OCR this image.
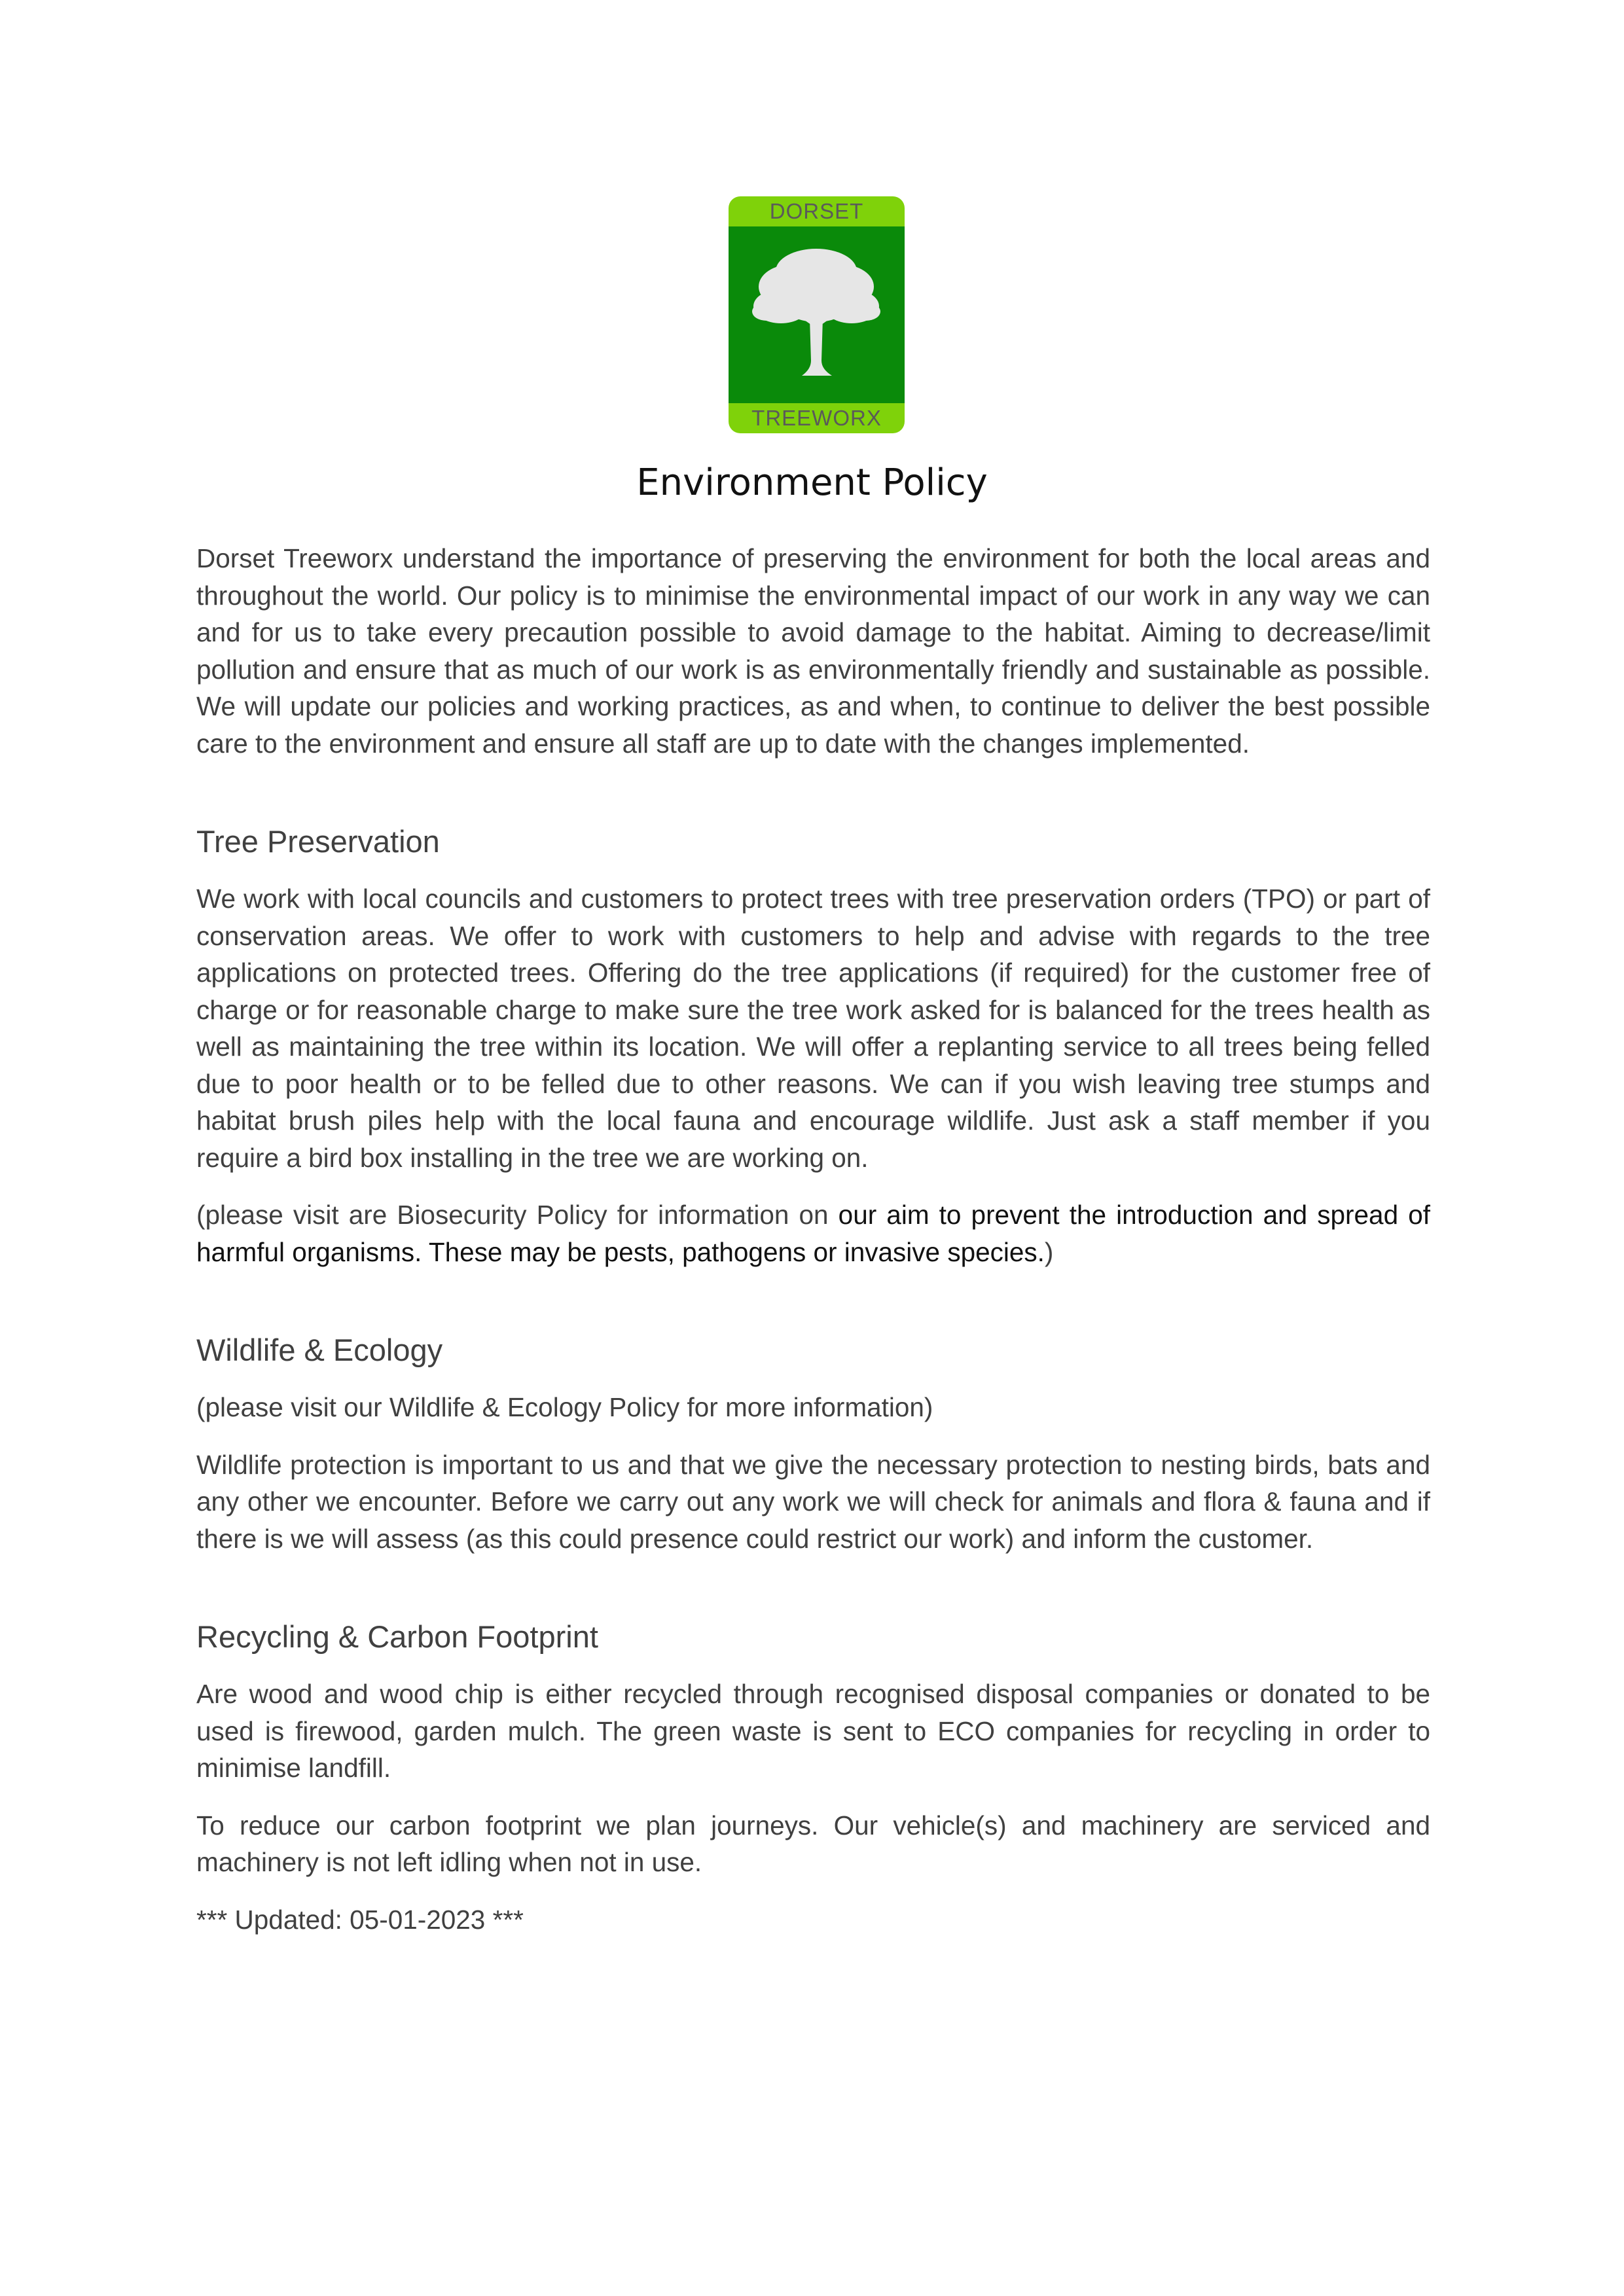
DORSET
TREEWORX
Environment Policy

Dorset Treeworx understand the importance of preserving the environment for both the local areas and throughout the world. Our policy is to minimise the environmental impact of our work in any way we can and for us to take every precaution possible to avoid damage to the habitat. Aiming to decrease/limit pollution and ensure that as much of our work is as environmentally friendly and sustainable as possible. We will update our policies and working practices, as and when, to continue to deliver the best possible care to the environment and ensure all staff are up to date with the changes implemented.

Tree Preservation

We work with local councils and customers to protect trees with tree preservation orders (TPO) or part of conservation areas. We offer to work with customers to help and advise with regards to the tree applications on protected trees. Offering do the tree applications (if required) for the customer free of charge or for reasonable charge to make sure the tree work asked for is balanced for the trees health as well as maintaining the tree within its location. We will offer a replanting service to all trees being felled due to poor health or to be felled due to other reasons. We can if you wish leaving tree stumps and habitat brush piles help with the local fauna and encourage wildlife. Just ask a staff member if you require a bird box installing in the tree we are working on.

(please visit are Biosecurity Policy for information on our aim to prevent the introduction and spread of harmful organisms. These may be pests, pathogens or invasive species.)

Wildlife & Ecology

(please visit our Wildlife & Ecology Policy for more information)

Wildlife protection is important to us and that we give the necessary protection to nesting birds, bats and any other we encounter. Before we carry out any work we will check for animals and flora & fauna and if there is we will assess (as this could presence could restrict our work) and inform the customer.

Recycling & Carbon Footprint

Are wood and wood chip is either recycled through recognised disposal companies or donated to be used is firewood, garden mulch. The green waste is sent to ECO companies for recycling in order to minimise landfill.

To reduce our carbon footprint we plan journeys. Our vehicle(s) and machinery are serviced and machinery is not left idling when not in use.

*** Updated: 05-01-2023 ***
